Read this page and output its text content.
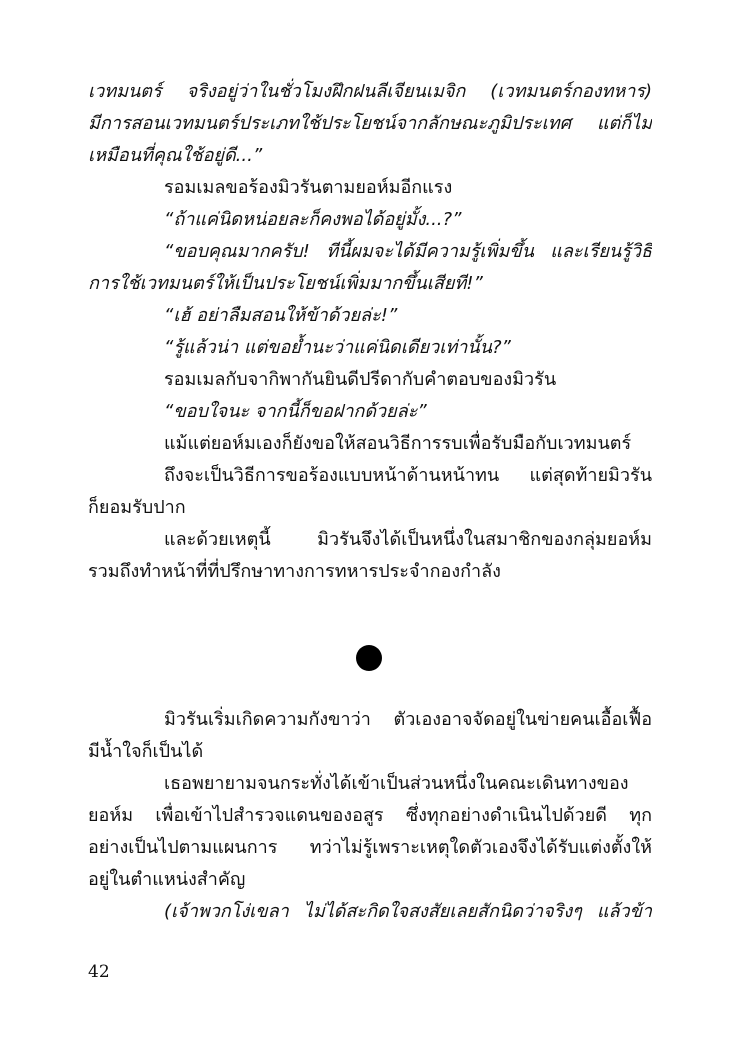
เวทมนตร์ จริงอยู่ว่าในชั่วโมงฝึกฝนลีเจียนเมจิก (เวทมนตร์กองทหาร)
มีการสอนเวทมนตร์ประเภทใช้ประโยชน์จากลักษณะภูมิประเทศ แต่ก็ไม่
เหมือนที่คุณใช้อยู่ดี...”
รอมเมลขอร้องมิวรันตามยอห์มอีกแรง
“ถ้าแค่นิดหน่อยละก็คงพอได้อยู่มั้ง...?”
“ขอบคุณมากครับ! ทีนี้ผมจะได้มีความรู้เพิ่มขึ้น และเรียนรู้วิธี
การใช้เวทมนตร์ให้เป็นประโยชน์เพิ่มมากขึ้นเสียที!”
“เฮ้ อย่าลืมสอนให้ข้าด้วยล่ะ!”
“รู้แล้วน่า แต่ขอย้ำนะว่าแค่นิดเดียวเท่านั้น?”
รอมเมลกับจากิพากันยินดีปรีดากับคำตอบของมิวรัน
“ขอบใจนะ จากนี้ก็ขอฝากด้วยล่ะ”
แม้แต่ยอห์มเองก็ยังขอให้สอนวิธีการรบเพื่อรับมือกับเวทมนตร์
ถึงจะเป็นวิธีการขอร้องแบบหน้าด้านหน้าทน แต่สุดท้ายมิวรัน
ก็ยอมรับปาก
และด้วยเหตุนี้ มิวรันจึงได้เป็นหนึ่งในสมาชิกของกลุ่มยอห์ม
รวมถึงทำหน้าที่ที่ปรึกษาทางการทหารประจำกองกำลัง
มิวรันเริ่มเกิดความกังขาว่า ตัวเองอาจจัดอยู่ในข่ายคนเอื้อเฟื้อ
มีน้ำใจก็เป็นได้
เธอพยายามจนกระทั่งได้เข้าเป็นส่วนหนึ่งในคณะเดินทางของ
ยอห์ม เพื่อเข้าไปสำรวจแดนของอสูร ซึ่งทุกอย่างดำเนินไปด้วยดี ทุก
อย่างเป็นไปตามแผนการ ทว่าไม่รู้เพราะเหตุใดตัวเองจึงได้รับแต่งตั้งให้
อยู่ในตำแหน่งสำคัญ
(เจ้าพวกโง่เขลา ไม่ได้สะกิดใจสงสัยเลยสักนิดว่าจริงๆ แล้วข้า
42
